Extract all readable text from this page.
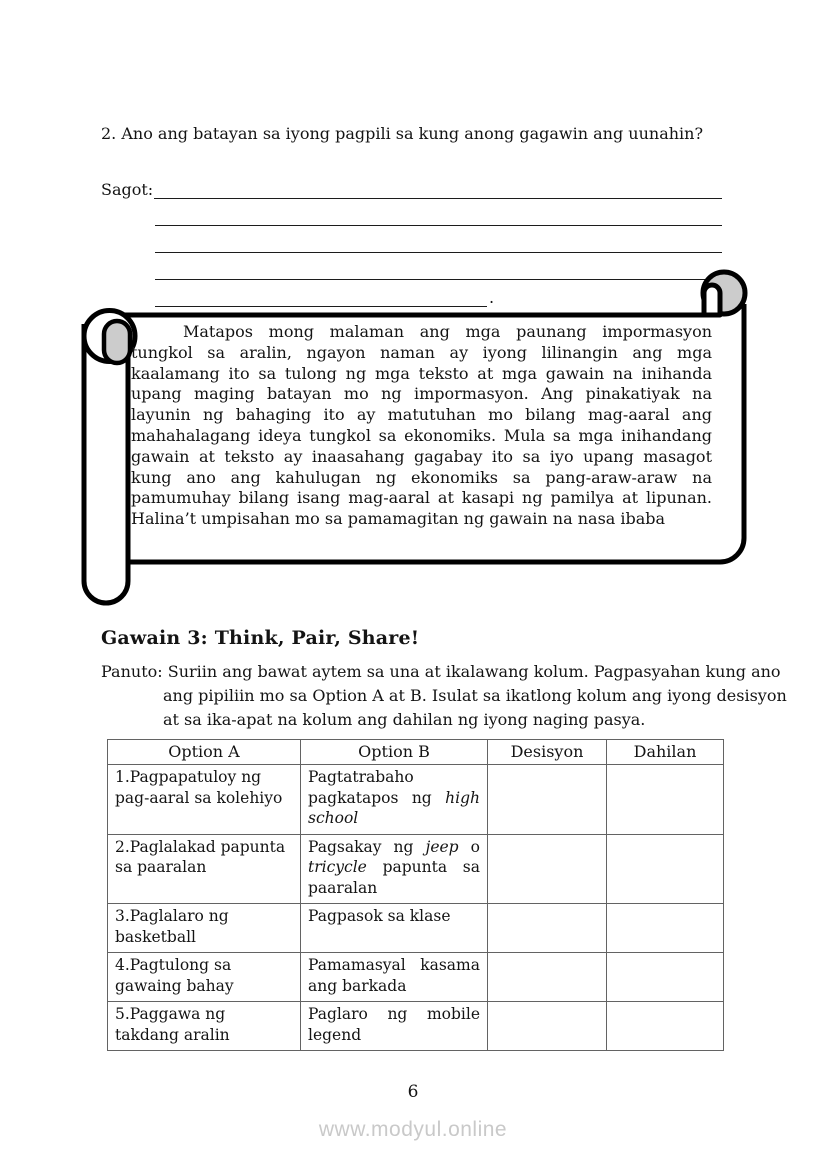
2. Ano ang batayan sa iyong pagpili sa kung anong gagawin ang uunahin?
Sagot:
.
Matapos mong malaman ang mga paunang impormasyon tungkol sa aralin, ngayon naman ay iyong lilinangin ang mga kaalamang ito sa tulong ng mga teksto at mga gawain na inihanda upang maging batayan mo ng impormasyon. Ang pinakatiyak na layunin ng bahaging ito ay matutuhan mo bilang mag-aaral ang mahahalagang ideya tungkol sa ekonomiks. Mula sa mga inihandang gawain at teksto ay inaasahang gagabay ito sa iyo upang masagot kung ano ang kahulugan ng ekonomiks sa pang-araw-araw na pamumuhay bilang isang mag-aaral at kasapi ng pamilya at lipunan. Halina’t umpisahan mo sa pamamagitan ng gawain na nasa ibaba
Gawain 3: Think, Pair, Share!
Panuto: Suriin ang bawat aytem sa una at ikalawang kolum. Pagpasyahan kung ano ang pipiliin mo sa Option A at B. Isulat sa ikatlong kolum ang iyong desisyon at sa ika-apat na kolum ang dahilan ng iyong naging pasya.
Option A	Option B	Desisyon	Dahilan
1.Pagpapatuloy ng pag-aaral sa kolehiyo	Pagtatrabaho pagkatapos ng high school		
2.Paglalakad papunta sa paaralan	Pagsakay ng jeep o tricycle papunta sa paaralan		
3.Paglalaro ng basketball	Pagpasok sa klase		
4.Pagtulong sa gawaing bahay	Pamamasyal kasama ang barkada		
5.Paggawa ng takdang aralin	Paglaro ng mobile legend		
6
www.modyul.online
